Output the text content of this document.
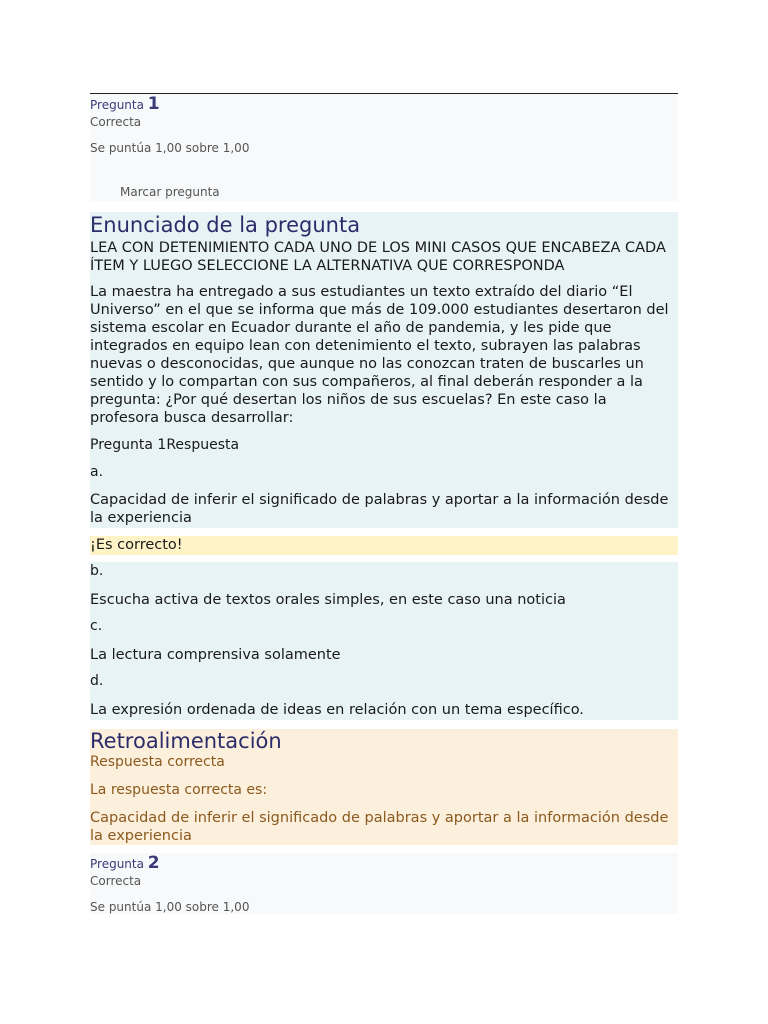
Pregunta 1
Correcta
Se puntúa 1,00 sobre 1,00
Marcar pregunta
Enunciado de la pregunta
LEA CON DETENIMIENTO CADA UNO DE LOS MINI CASOS QUE ENCABEZA CADA ÍTEM Y LUEGO SELECCIONE LA ALTERNATIVA QUE CORRESPONDA
La maestra ha entregado a sus estudiantes un texto extraído del diario “El Universo” en el que se informa que más de 109.000 estudiantes desertaron del sistema escolar en Ecuador durante el año de pandemia, y les pide que integrados en equipo lean con detenimiento el texto, subrayen las palabras nuevas o desconocidas, que aunque no las conozcan traten de buscarles un sentido y lo compartan con sus compañeros, al final deberán responder a la pregunta: ¿Por qué desertan los niños de sus escuelas? En este caso la profesora busca desarrollar:
Pregunta 1Respuesta
a.
Capacidad de inferir el significado de palabras y aportar a la información desde la experiencia
¡Es correcto!
b.
Escucha activa de textos orales simples, en este caso una noticia
c.
La lectura comprensiva solamente
d.
La expresión ordenada de ideas en relación con un tema específico.
Retroalimentación
Respuesta correcta
La respuesta correcta es:
Capacidad de inferir el significado de palabras y aportar a la información desde la experiencia
Pregunta 2
Correcta
Se puntúa 1,00 sobre 1,00
